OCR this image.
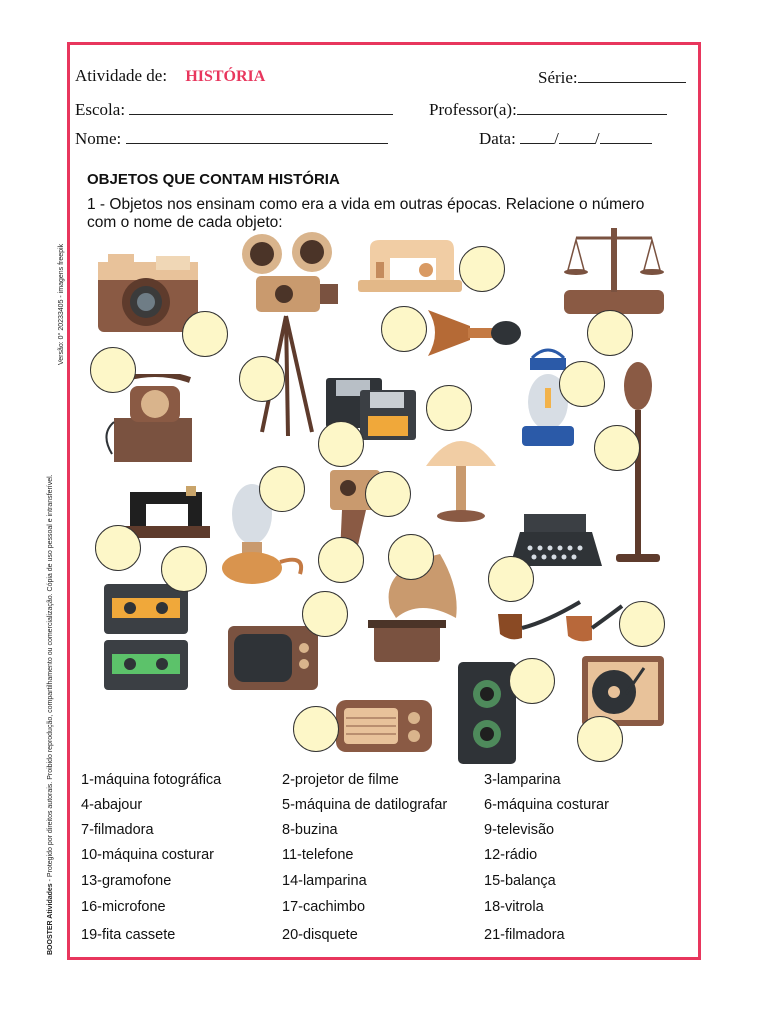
BOOSTER Atividades - Protegido por direitos autorais. Proibido reprodução, compartilhamento ou comercialização. Cópia de uso pessoal e intransferível.
Versão: 0° 20233405 - imagens freepik
Atividade de: HISTÓRIA	Série:
Escola:	Professor(a):
Nome:	Data: / /
OBJETOS QUE CONTAM HISTÓRIA
1 - Objetos nos ensinam como era a vida em outras épocas. Relacione o número com o nome de cada objeto:
1-máquina fotográfica	2-projetor de filme	3-lamparina
4-abajour	5-máquina de datilografar	6-máquina costurar
7-filmadora	8-buzina	9-televisão
10-máquina costurar	11-telefone	12-rádio
13-gramofone	14-lamparina	15-balança
16-microfone	17-cachimbo	18-vitrola
19-fita cassete	20-disquete	21-filmadora
